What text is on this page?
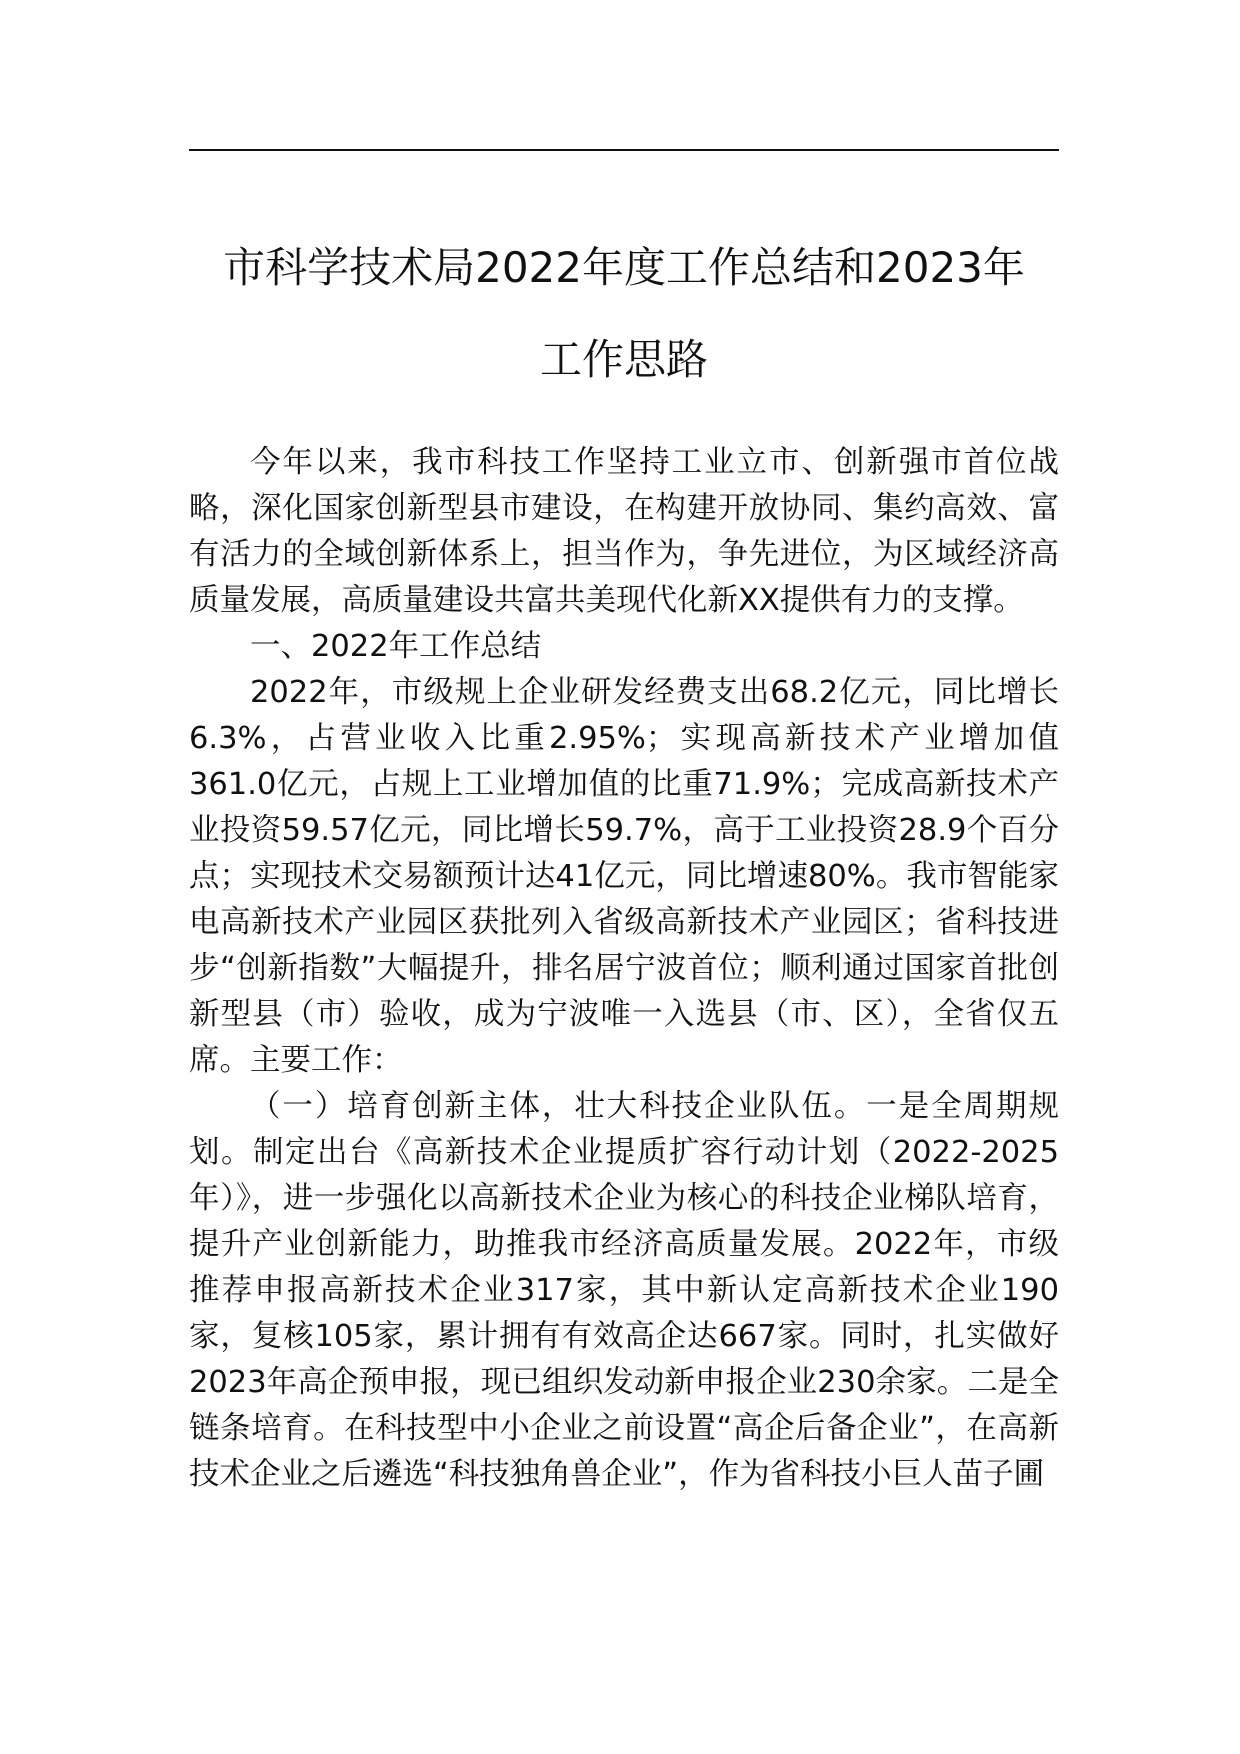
市科学技术局2022年度工作总结和2023年
工作思路

今年以来，我市科技工作坚持工业立市、创新强市首位战略，深化国家创新型县市建设，在构建开放协同、集约高效、富有活力的全域创新体系上，担当作为，争先进位，为区域经济高质量发展，高质量建设共富共美现代化新XX提供有力的支撑。

一、2022年工作总结

2022年，市级规上企业研发经费支出68.2亿元，同比增长6.3%，占营业收入比重2.95%；实现高新技术产业增加值361.0亿元，占规上工业增加值的比重71.9%；完成高新技术产业投资59.57亿元，同比增长59.7%，高于工业投资28.9个百分点；实现技术交易额预计达41亿元，同比增速80%。我市智能家电高新技术产业园区获批列入省级高新技术产业园区；省科技进步“创新指数”大幅提升，排名居宁波首位；顺利通过国家首批创新型县（市）验收，成为宁波唯一入选县（市、区），全省仅五席。主要工作：

（一）培育创新主体，壮大科技企业队伍。一是全周期规划。制定出台《高新技术企业提质扩容行动计划（2022-2025年）》，进一步强化以高新技术企业为核心的科技企业梯队培育，提升产业创新能力，助推我市经济高质量发展。2022年，市级推荐申报高新技术企业317家，其中新认定高新技术企业190家，复核105家，累计拥有有效高企达667家。同时，扎实做好2023年高企预申报，现已组织发动新申报企业230余家。二是全链条培育。在科技型中小企业之前设置“高企后备企业”，在高新技术企业之后遴选“科技独角兽企业”，作为省科技小巨人苗子圃
